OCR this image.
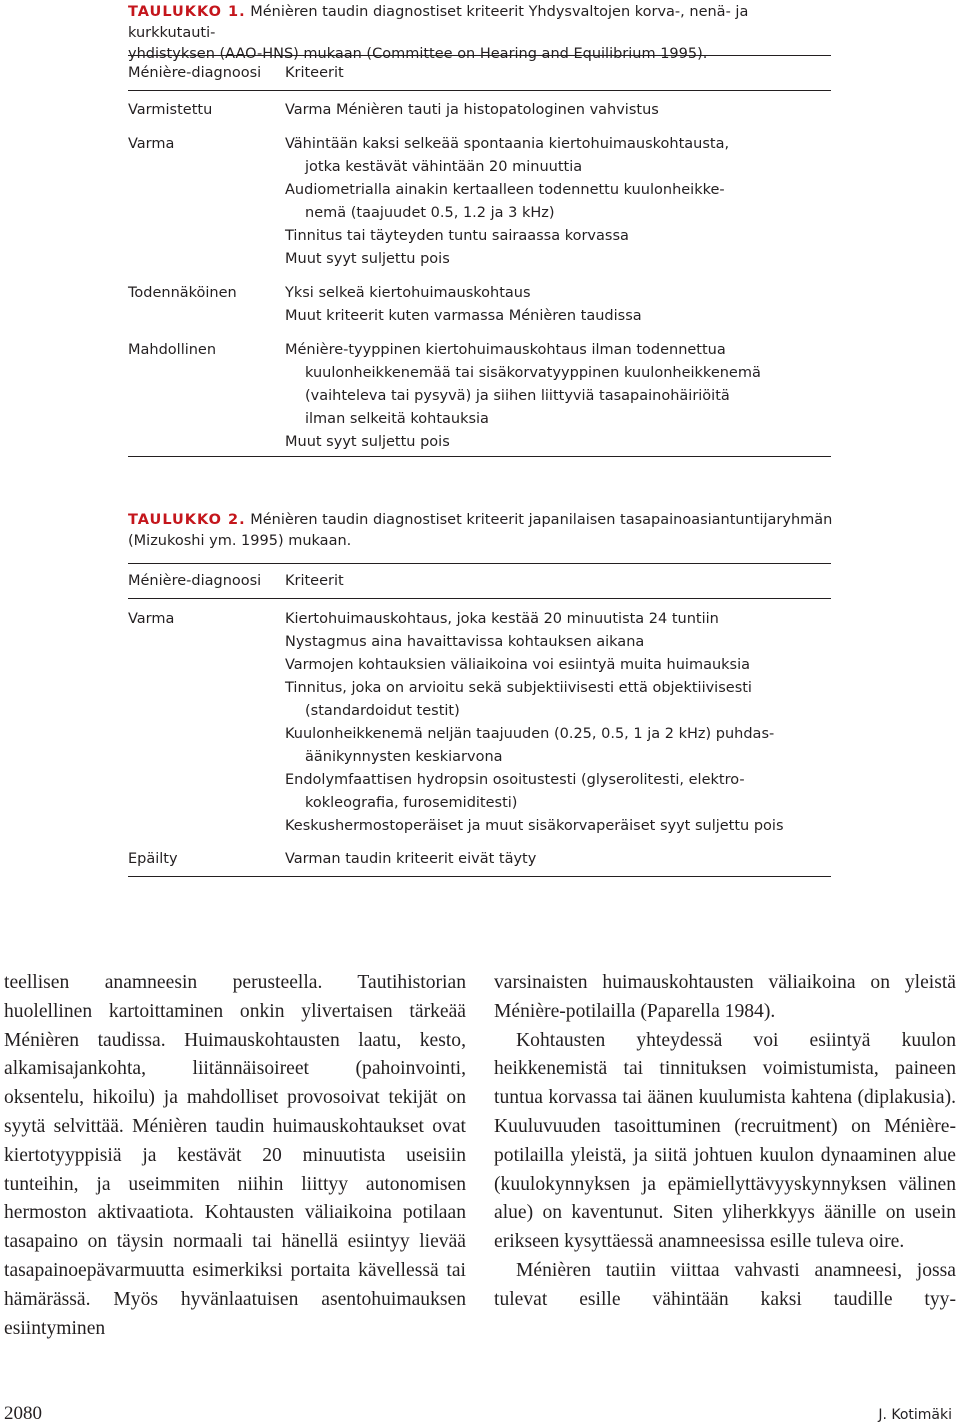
TAULUKKO 1. Ménièren taudin diagnostiset kriteerit Yhdysvaltojen korva-, nenä- ja kurkkutauti-
yhdistyksen (AAO-HNS) mukaan (Committee on Hearing and Equilibrium 1995).
Ménière-diagnoosi	Kriteerit
Varmistettu	Varma Ménièren tauti ja histopatologinen vahvistus
Varma	Vähintään kaksi selkeää spontaania kiertohuimauskohtausta,
jotka kestävät vähintään 20 minuuttia
Audiometrialla ainakin kertaalleen todennettu kuulonheikke-
nemä (taajuudet 0.5, 1.2 ja 3 kHz)
Tinnitus tai täyteyden tuntu sairaassa korvassa
Muut syyt suljettu pois
Todennäköinen	Yksi selkeä kiertohuimauskohtaus
Muut kriteerit kuten varmassa Ménièren taudissa
Mahdollinen	Ménière-tyyppinen kiertohuimauskohtaus ilman todennettua
kuulonheikkenemää tai sisäkorvatyyppinen kuulonheikkenemä
(vaihteleva tai pysyvä) ja siihen liittyviä tasapainohäiriöitä
ilman selkeitä kohtauksia
Muut syyt suljettu pois
TAULUKKO 2. Ménièren taudin diagnostiset kriteerit japanilaisen tasapainoasiantuntijaryhmän
(Mizukoshi ym. 1995) mukaan.
Ménière-diagnoosi	Kriteerit
Varma	Kiertohuimauskohtaus, joka kestää 20 minuutista 24 tuntiin
Nystagmus aina havaittavissa kohtauksen aikana
Varmojen kohtauksien väliaikoina voi esiintyä muita huimauksia
Tinnitus, joka on arvioitu sekä subjektiivisesti että objektiivisesti
(standardoidut testit)
Kuulonheikkenemä neljän taajuuden (0.25, 0.5, 1 ja 2 kHz) puhdas-
äänikynnysten keskiarvona
Endolymfaattisen hydropsin osoitustesti (glyserolitesti, elektro-
kokleografia, furosemiditesti)
Keskushermostoperäiset ja muut sisäkorvaperäiset syyt suljettu pois
Epäilty	Varman taudin kriteerit eivät täyty

teellisen anamneesin perusteella. Tautihistorian huolellinen kartoittaminen onkin ylivertaisen tärkeää Ménièren taudissa. Huimauskohtausten laatu, kesto, alkamisajankohta, liitännäisoireet (pahoinvointi, oksentelu, hikoilu) ja mahdolliset provosoivat tekijät on syytä selvittää. Ménièren taudin huimauskohtaukset ovat kiertotyyppisiä ja kestävät 20 minuutista useisiin tunteihin, ja useimmiten niihin liittyy autonomisen hermoston aktivaatiota. Kohtausten väliaikoina potilaan tasapaino on täysin normaali tai hänellä esiintyy lievää tasapainoepävarmuutta esimerkiksi portaita kävellessä tai hämärässä. Myös hyvänlaatuisen asentohuimauksen esiintyminen

varsinaisten huimauskohtausten väliaikoina on yleistä Ménière-potilailla (Paparella 1984).

Kohtausten yhteydessä voi esiintyä kuulon heikkenemistä tai tinnituksen voimistumista, paineen tuntua korvassa tai äänen kuulumista kahtena (diplakusia). Kuuluvuuden tasoittuminen (recruitment) on Ménière-potilailla yleistä, ja siitä johtuen kuulon dynaaminen alue (kuulokynnyksen ja epämiellyttävyyskynnyksen välinen alue) on kaventunut. Siten yliherkkyys äänille on usein erikseen kysyttäessä anamneesissa esille tuleva oire.

Ménièren tautiin viittaa vahvasti anamneesi, jossa tulevat esille vähintään kaksi taudille tyy-

2080	J. Kotimäki
